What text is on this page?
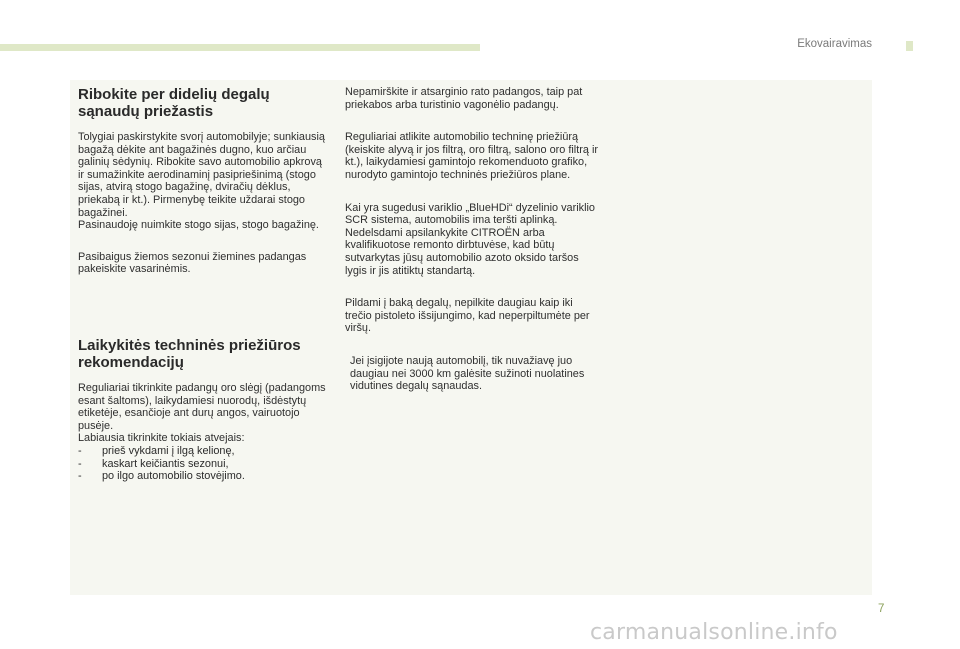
Ekovairavimas
Ribokite per didelių degalų sąnaudų priežastis

Tolygiai paskirstykite svorį automobilyje; sunkiausią bagažą dėkite ant bagažinės dugno, kuo arčiau galinių sėdynių. Ribokite savo automobilio apkrovą ir sumažinkite aerodinaminį pasipriešinimą (stogo sijas, atvirą stogo bagažinę, dviračių dėklus, priekabą ir kt.). Pirmenybę teikite uždarai stogo bagažinei.

Pasinaudoję nuimkite stogo sijas, stogo bagažinę.

Pasibaigus žiemos sezonui žiemines padangas pakeiskite vasarinėmis.

Laikykitės techninės priežiūros rekomendacijų

Reguliariai tikrinkite padangų oro slėgį (padangoms esant šaltoms), laikydamiesi nuorodų, išdėstytų etiketėje, esančioje ant durų angos, vairuotojo pusėje.

Labiausia tikrinkite tokiais atvejais:

-	prieš vykdami į ilgą kelionę,
-	kaskart keičiantis sezonui,
-	po ilgo automobilio stovėjimo.

Nepamirškite ir atsarginio rato padangos, taip pat priekabos arba turistinio vagonėlio padangų.

Reguliariai atlikite automobilio techninę priežiūrą (keiskite alyvą ir jos filtrą, oro filtrą, salono oro filtrą ir kt.), laikydamiesi gamintojo rekomenduoto grafiko, nurodyto gamintojo techninės priežiūros plane.

Kai yra sugedusi variklio „BlueHDi“ dyzelinio variklio SCR sistema, automobilis ima teršti aplinką. Nedelsdami apsilankykite CITROËN arba kvalifikuotose remonto dirbtuvėse, kad būtų sutvarkytas jūsų automobilio azoto oksido taršos lygis ir jis atitiktų standartą.

Pildami į baką degalų, nepilkite daugiau kaip iki trečio pistoleto išsijungimo, kad neperpiltumėte per viršų.

Jei įsigijote naują automobilį, tik nuvažiavę juo daugiau nei 3000 km galėsite sužinoti nuolatines vidutines degalų sąnaudas.

7
carmanualsonline.info
